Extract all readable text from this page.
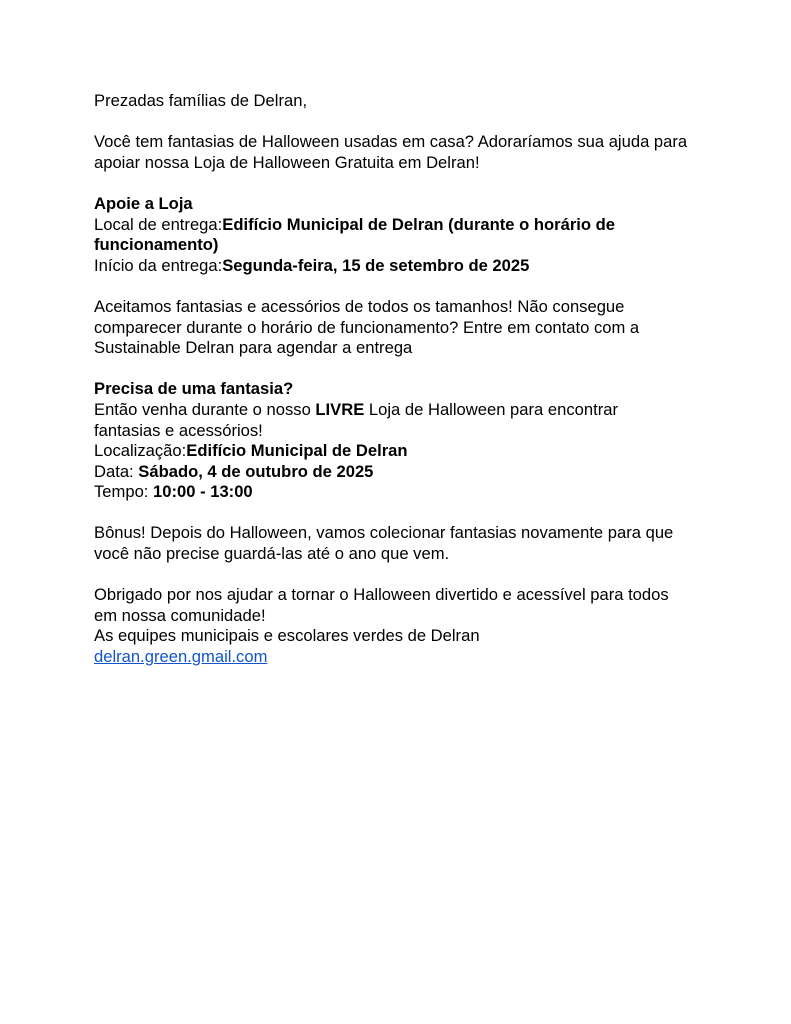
Prezadas famílias de Delran,

Você tem fantasias de Halloween usadas em casa? Adoraríamos sua ajuda para apoiar nossa Loja de Halloween Gratuita em Delran!

Apoie a Loja

Local de entrega:Edifício Municipal de Delran (durante o horário de funcionamento)

Início da entrega:Segunda-feira, 15 de setembro de 2025

Aceitamos fantasias e acessórios de todos os tamanhos! Não consegue comparecer durante o horário de funcionamento? Entre em contato com a Sustainable Delran para agendar a entrega

Precisa de uma fantasia?

Então venha durante o nosso LIVRE Loja de Halloween para encontrar fantasias e acessórios!

Localização:Edifício Municipal de Delran

Data: Sábado, 4 de outubro de 2025

Tempo: 10:00 - 13:00

Bônus! Depois do Halloween, vamos colecionar fantasias novamente para que você não precise guardá-las até o ano que vem.

Obrigado por nos ajudar a tornar o Halloween divertido e acessível para todos em nossa comunidade!

As equipes municipais e escolares verdes de Delran

delran.green.gmail.com
